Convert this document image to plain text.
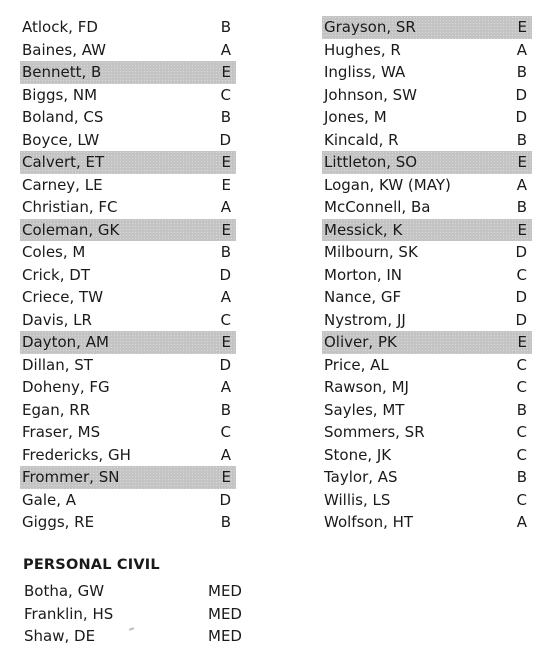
Atlock, FD	B
Baines, AW	A
Bennett, B	E
Biggs, NM	C
Boland, CS	B
Boyce, LW	D
Calvert, ET	E
Carney, LE	E
Christian, FC	A
Coleman, GK	E
Coles, M	B
Crick, DT	D
Criece, TW	A
Davis, LR	C
Dayton, AM	E
Dillan, ST	D
Doheny, FG	A
Egan, RR	B
Fraser, MS	C
Fredericks, GH	A
Frommer, SN	E
Gale, A	D
Giggs, RE	B
Grayson, SR	E
Hughes, R	A
Ingliss, WA	B
Johnson, SW	D
Jones, M	D
Kincald, R	B
Littleton, SO	E
Logan, KW (MAY)	A
McConnell, Ba	B
Messick, K	E
Milbourn, SK	D
Morton, IN	C
Nance, GF	D
Nystrom, JJ	D
Oliver, PK	E
Price, AL	C
Rawson, MJ	C
Sayles, MT	B
Sommers, SR	C
Stone, JK	C
Taylor, AS	B
Willis, LS	C
Wolfson, HT	A
PERSONAL CIVIL
Botha, GW	MED
Franklin, HS	MED
Shaw, DE	MED
